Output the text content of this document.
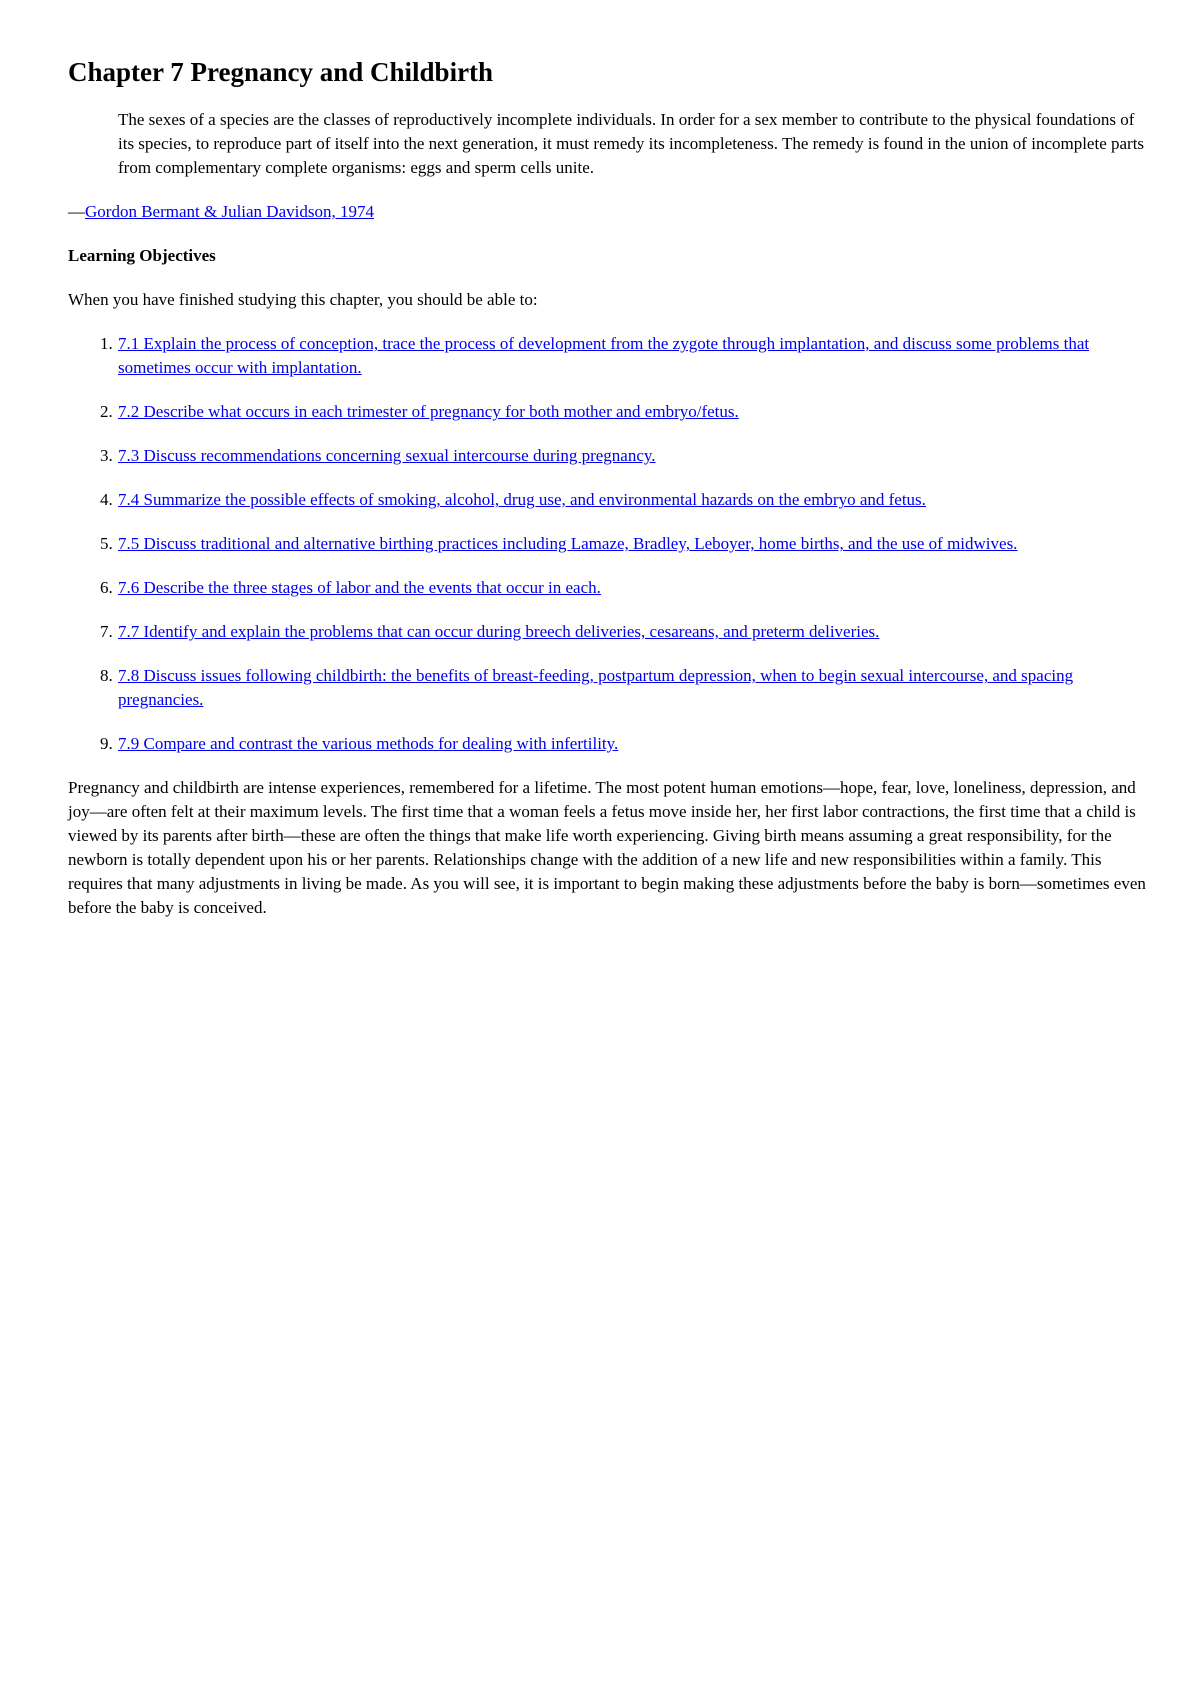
Chapter 7 Pregnancy and Childbirth

The sexes of a species are the classes of reproductively incomplete individuals. In order for a sex member to contribute to the physical foundations of its species, to reproduce part of itself into the next generation, it must remedy its incompleteness. The remedy is found in the union of incomplete parts from complementary complete organisms: eggs and sperm cells unite.

—Gordon Bermant & Julian Davidson, 1974

Learning Objectives

When you have finished studying this chapter, you should be able to:

1. 7.1 Explain the process of conception, trace the process of development from the zygote through implantation, and discuss some problems that sometimes occur with implantation.
2. 7.2 Describe what occurs in each trimester of pregnancy for both mother and embryo/fetus.
3. 7.3 Discuss recommendations concerning sexual intercourse during pregnancy.
4. 7.4 Summarize the possible effects of smoking, alcohol, drug use, and environmental hazards on the embryo and fetus.
5. 7.5 Discuss traditional and alternative birthing practices including Lamaze, Bradley, Leboyer, home births, and the use of midwives.
6. 7.6 Describe the three stages of labor and the events that occur in each.
7. 7.7 Identify and explain the problems that can occur during breech deliveries, cesareans, and preterm deliveries.
8. 7.8 Discuss issues following childbirth: the benefits of breast-feeding, postpartum depression, when to begin sexual intercourse, and spacing pregnancies.
9. 7.9 Compare and contrast the various methods for dealing with infertility.

Pregnancy and childbirth are intense experiences, remembered for a lifetime. The most potent human emotions—hope, fear, love, loneliness, depression, and joy—are often felt at their maximum levels. The first time that a woman feels a fetus move inside her, her first labor contractions, the first time that a child is viewed by its parents after birth—these are often the things that make life worth experiencing. Giving birth means assuming a great responsibility, for the newborn is totally dependent upon his or her parents. Relationships change with the addition of a new life and new responsibilities within a family. This requires that many adjustments in living be made. As you will see, it is important to begin making these adjustments before the baby is born—sometimes even before the baby is conceived.
